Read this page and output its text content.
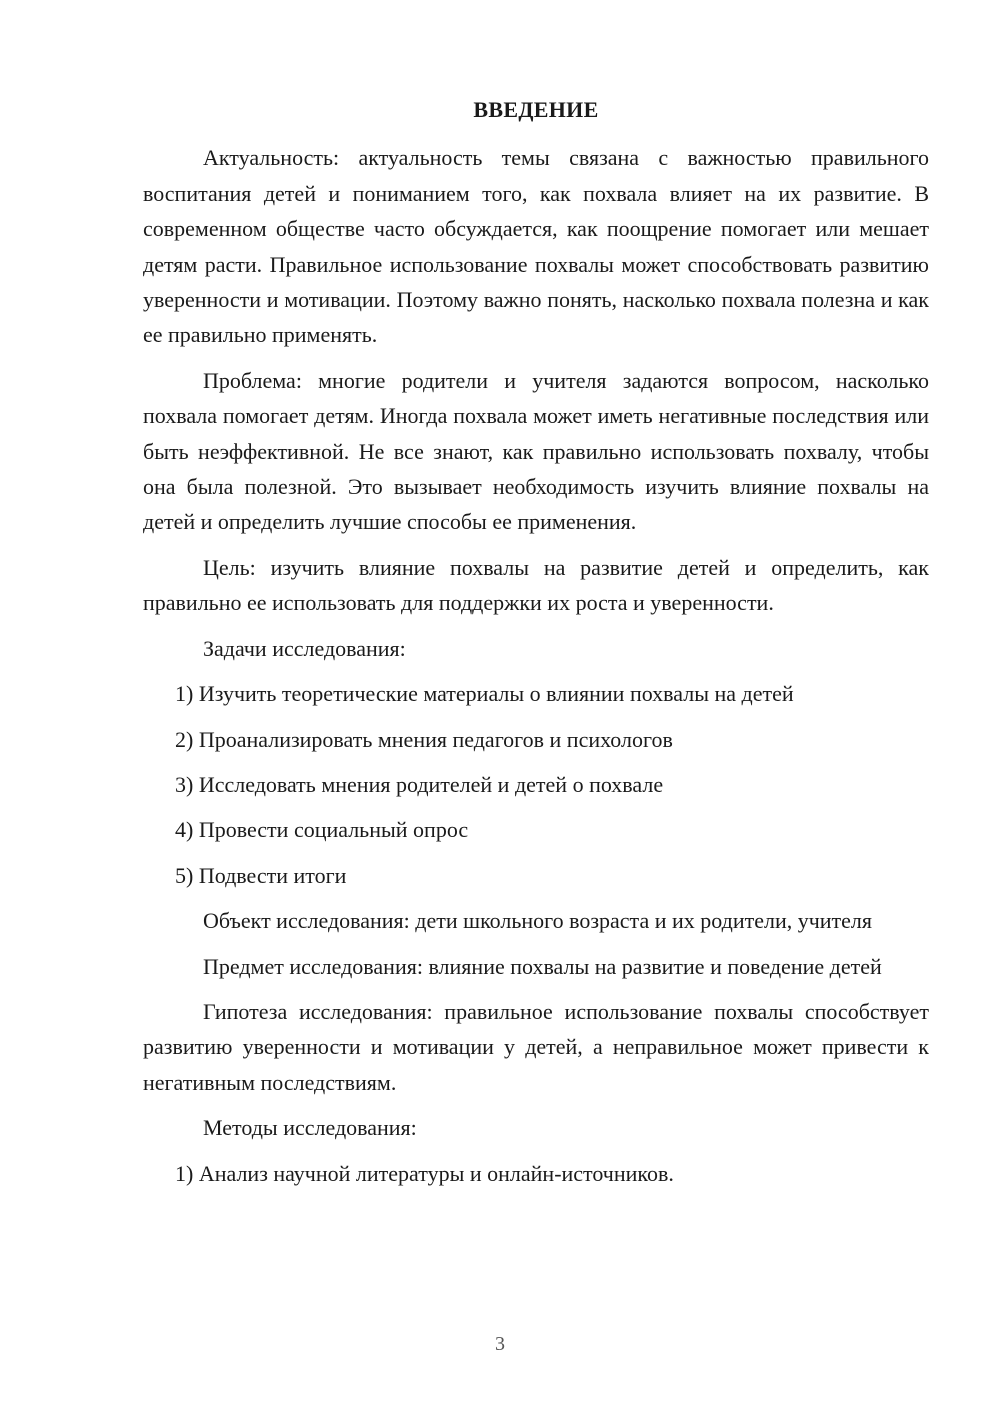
ВВЕДЕНИЕ

Актуальность: актуальность темы связана с важностью правильного воспитания детей и пониманием того, как похвала влияет на их развитие. В современном обществе часто обсуждается, как поощрение помогает или мешает детям расти. Правильное использование похвалы может способствовать развитию уверенности и мотивации. Поэтому важно понять, насколько похвала полезна и как ее правильно применять.

Проблема: многие родители и учителя задаются вопросом, насколько похвала помогает детям. Иногда похвала может иметь негативные последствия или быть неэффективной. Не все знают, как правильно использовать похвалу, чтобы она была полезной. Это вызывает необходимость изучить влияние похвалы на детей и определить лучшие способы ее применения.

Цель: изучить влияние похвалы на развитие детей и определить, как правильно ее использовать для поддержки их роста и уверенности.

Задачи исследования:

1) Изучить теоретические материалы о влиянии похвалы на детей
2) Проанализировать мнения педагогов и психологов
3) Исследовать мнения родителей и детей о похвале
4) Провести социальный опрос
5) Подвести итоги

Объект исследования: дети школьного возраста и их родители, учителя

Предмет исследования: влияние похвалы на развитие и поведение детей

Гипотеза исследования: правильное использование похвалы способствует развитию уверенности и мотивации у детей, а неправильное может привести к негативным последствиям.

Методы исследования:

1) Анализ научной литературы и онлайн-источников.
3
